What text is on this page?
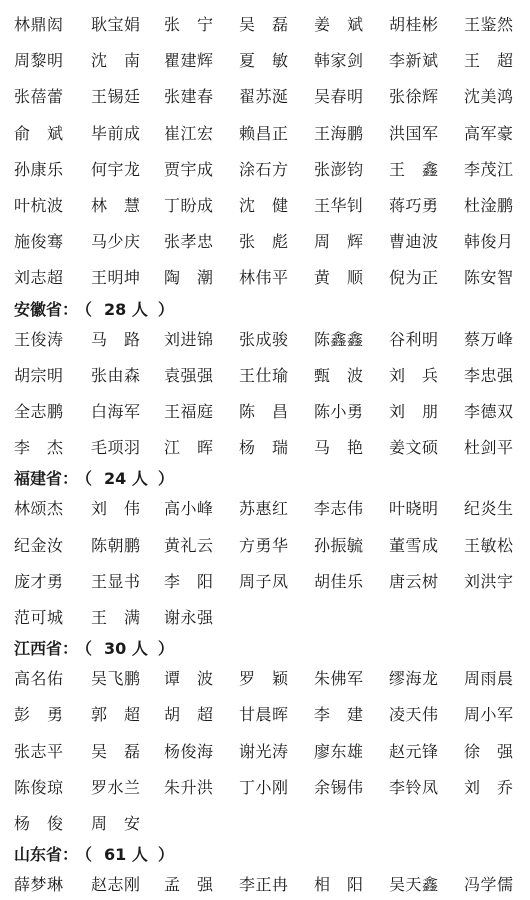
林鼎闳	耿宝娟	张　宁	吴　磊	姜　斌	胡桂彬	王鉴然
周黎明	沈　南	瞿建辉	夏　敏	韩家剑	李新斌	王　超
张蓓蕾	王锡廷	张建春	翟苏涎	吴春明	张徐辉	沈美鸿
俞　斌	毕前成	崔江宏	赖昌正	王海鹏	洪国军	高军豪
孙康乐	何宇龙	贾宇成	涂石方	张澎钧	王　鑫	李茂江
叶杭波	林　慧	丁盼成	沈　健	王华钊	蒋巧勇	杜淦鹏
施俊骞	马少庆	张孝忠	张　彪	周　辉	曹迪波	韩俊月
刘志超	王明坤	陶　潮	林伟平	黄　顺	倪为正	陈安智
安徽省： （ 28 人 ）
王俊涛	马　路	刘进锦	张成骏	陈鑫鑫	谷利明	蔡万峰
胡宗明	张由森	袁强强	王仕瑜	甄　波	刘　兵	李忠强
全志鹏	白海军	王福庭	陈　昌	陈小勇	刘　朋	李德双
李　杰	毛项羽	江　晖	杨　瑞	马　艳	姜文硕	杜剑平
福建省： （ 24 人 ）
林颂杰	刘　伟	高小峰	苏惠红	李志伟	叶晓明	纪炎生
纪金汝	陈朝鹏	黄礼云	方勇华	孙振毓	董雪成	王敏松
庞才勇	王显书	李　阳	周子凤	胡佳乐	唐云树	刘洪宇
范可城	王　满	谢永强
江西省： （ 30 人 ）
高名佑	吴飞鹏	谭　波	罗　颖	朱佛军	缪海龙	周雨晨
彭　勇	郭　超	胡　超	甘晨晖	李　建	凌天伟	周小军
张志平	吴　磊	杨俊海	谢光涛	廖东雄	赵元锋	徐　强
陈俊琼	罗水兰	朱升洪	丁小刚	余锡伟	李铃凤	刘　乔
杨　俊	周　安
山东省： （ 61 人 ）
薛梦琳	赵志刚	孟　强	李正冉	相　阳	吴天鑫	冯学儒
